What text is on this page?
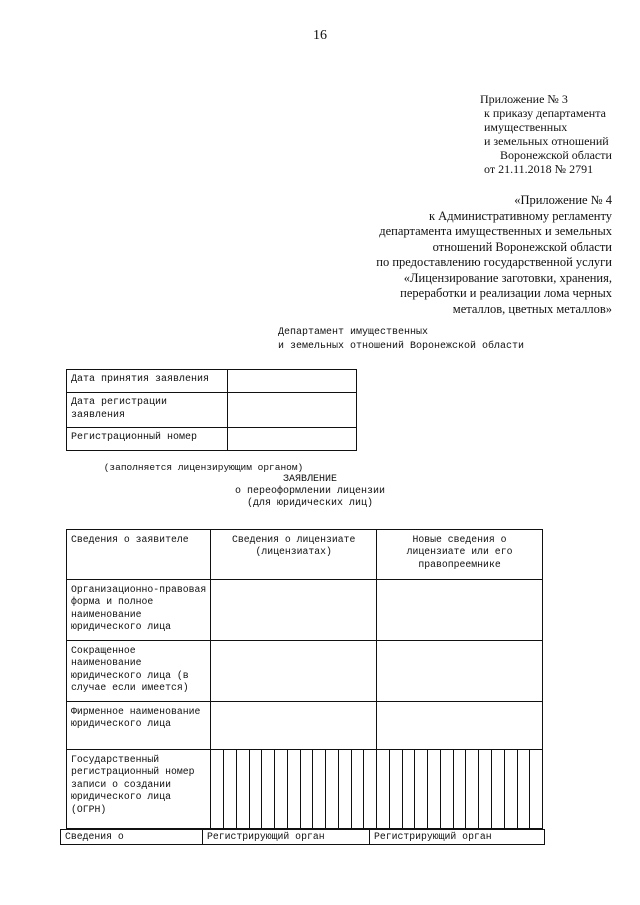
16
Приложение № 3
к приказу департамента
имущественных
и земельных отношений
Воронежской области
от 21.11.2018 № 2791
«Приложение № 4
к Административному регламенту
департамента имущественных и земельных
отношений Воронежской области
по предоставлению государственной услуги
«Лицензирование заготовки, хранения,
переработки и реализации лома черных
металлов, цветных металлов»
Департамент имущественных
и земельных отношений Воронежской области
Дата принятия заявления	
Дата регистрации заявления	
Регистрационный номер	
(заполняется лицензирующим органом)
ЗАЯВЛЕНИЕ
о переоформлении лицензии
(для юридических лиц)
Сведения о заявителе	Сведения о лицензиате (лицензиатах)	Новые сведения о лицензиате или его правопреемнике
Организационно-правовая форма и полное наименование юридического лица		
Сокращенное наименование юридического лица (в случае если имеется)		
Фирменное наименование юридического лица		
Государственный регистрационный номер записи о создании юридического лица (ОГРН)	

Сведения о	Регистрирующий орган	Регистрирующий орган
